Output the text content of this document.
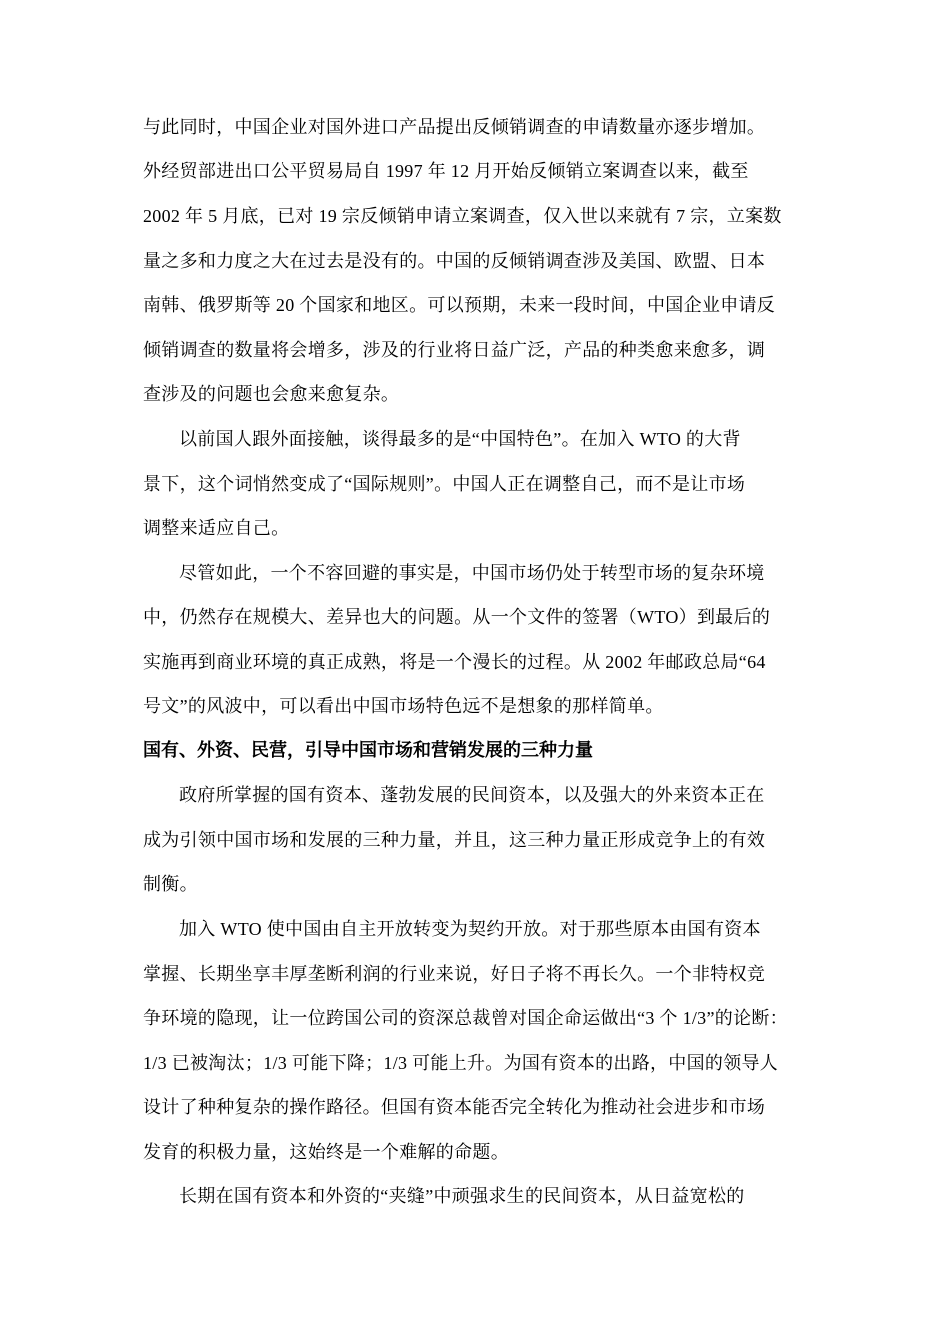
与此同时，中国企业对国外进口产品提出反倾销调查的申请数量亦逐步增加。
外经贸部进出口公平贸易局自 1997 年 12 月开始反倾销立案调查以来，截至
2002 年 5 月底，已对 19 宗反倾销申请立案调查，仅入世以来就有 7 宗，立案数
量之多和力度之大在过去是没有的。中国的反倾销调查涉及美国、欧盟、日本
南韩、俄罗斯等 20 个国家和地区。可以预期，未来一段时间，中国企业申请反
倾销调查的数量将会增多，涉及的行业将日益广泛，产品的种类愈来愈多，调
查涉及的问题也会愈来愈复杂。
以前国人跟外面接触，谈得最多的是“中国特色”。在加入 WTO 的大背
景下，这个词悄然变成了“国际规则”。中国人正在调整自己，而不是让市场
调整来适应自己。
尽管如此，一个不容回避的事实是，中国市场仍处于转型市场的复杂环境
中，仍然存在规模大、差异也大的问题。从一个文件的签署（WTO）到最后的
实施再到商业环境的真正成熟，将是一个漫长的过程。从 2002 年邮政总局“64
号文”的风波中，可以看出中国市场特色远不是想象的那样简单。
国有、外资、民营，引导中国市场和营销发展的三种力量
政府所掌握的国有资本、蓬勃发展的民间资本，以及强大的外来资本正在
成为引领中国市场和发展的三种力量，并且，这三种力量正形成竞争上的有效
制衡。
加入 WTO 使中国由自主开放转变为契约开放。对于那些原本由国有资本
掌握、长期坐享丰厚垄断利润的行业来说，好日子将不再长久。一个非特权竞
争环境的隐现，让一位跨国公司的资深总裁曾对国企命运做出“3 个 1/3”的论断：
1/3 已被淘汰；1/3 可能下降；1/3 可能上升。为国有资本的出路，中国的领导人
设计了种种复杂的操作路径。但国有资本能否完全转化为推动社会进步和市场
发育的积极力量，这始终是一个难解的命题。
长期在国有资本和外资的“夹缝”中顽强求生的民间资本，从日益宽松的
